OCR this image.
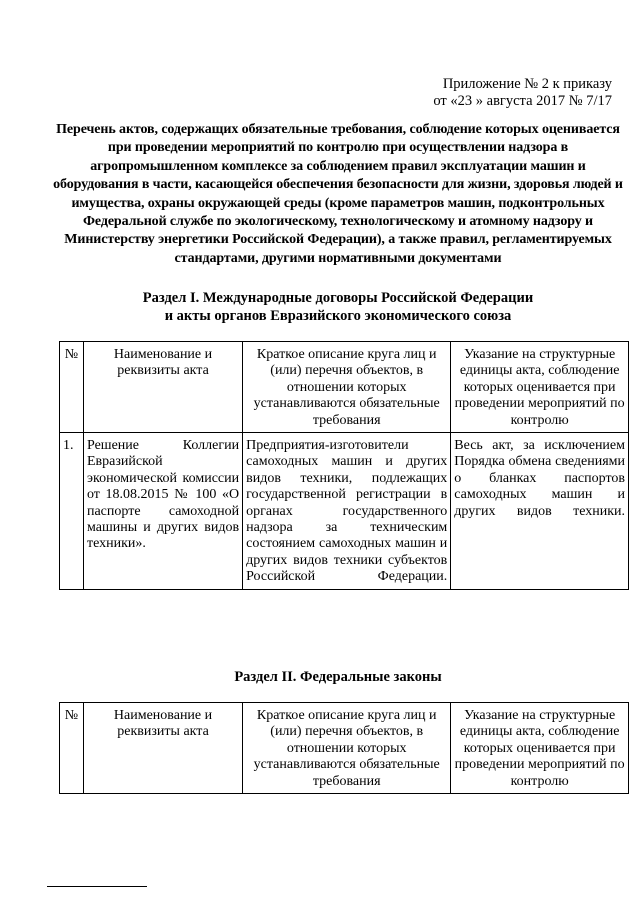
Приложение № 2 к приказу
от «23 » августа 2017 № 7/17
Перечень актов, содержащих обязательные требования, соблюдение которых оценивается при проведении мероприятий по контролю при осуществлении надзора в агропромышленном комплексе за соблюдением правил эксплуатации машин и оборудования в части, касающейся обеспечения безопасности для жизни, здоровья людей и имущества, охраны окружающей среды (кроме параметров машин, подконтрольных Федеральной службе по экологическому, технологическому и атомному надзору и Министерству энергетики Российской Федерации), а также правил, регламентируемых стандартами, другими нормативными документами
Раздел I. Международные договоры Российской Федерации
и акты органов Евразийского экономического союза
№	Наименование и реквизиты акта	Краткое описание круга лиц и (или) перечня объектов, в отношении которых устанавливаются обязательные требования	Указание на структурные единицы акта, соблюдение которых оценивается при проведении мероприятий по контролю
1.	Решение Коллегии Евразийской экономической комиссии от 18.08.2015 № 100 «О паспорте самоходной машины и других видов техники».	Предприятия-изготовители самоходных машин и других видов техники, подлежащих государственной регистрации в органах государственного надзора за техническим состоянием самоходных машин и других видов техники субъектов Российской Федерации.	Весь акт, за исключением Порядка обмена сведениями о бланках паспортов самоходных машин и других видов техники.
Раздел II. Федеральные законы
№	Наименование и реквизиты акта	Краткое описание круга лиц и (или) перечня объектов, в отношении которых устанавливаются обязательные требования	Указание на структурные единицы акта, соблюдение которых оценивается при проведении мероприятий по контролю
